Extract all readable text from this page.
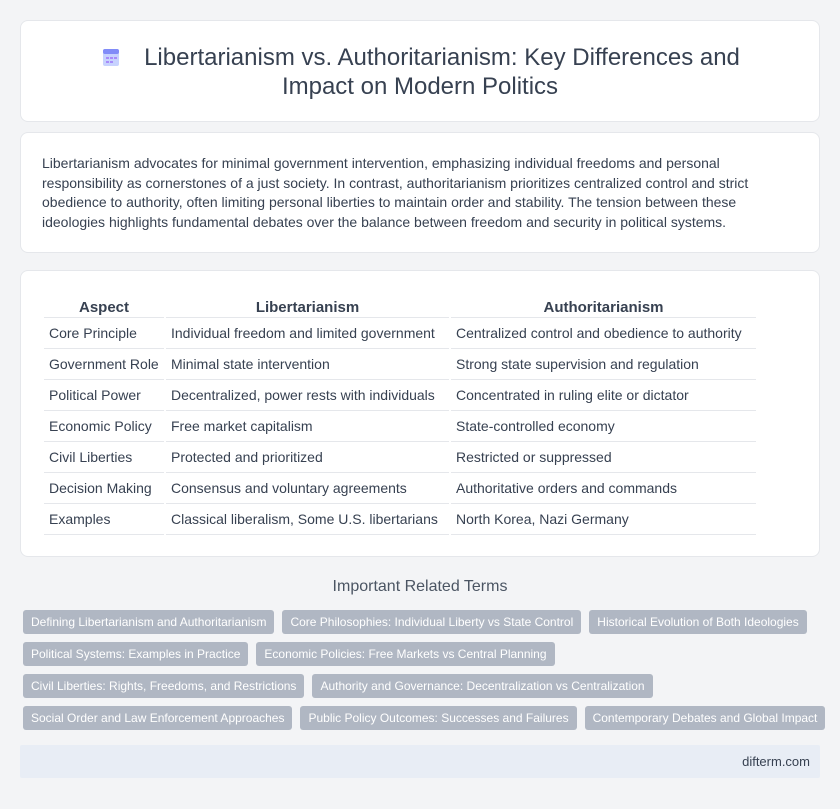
Libertarianism vs. Authoritarianism: Key Differences and Impact on Modern Politics

Libertarianism advocates for minimal government intervention, emphasizing individual freedoms and personal responsibility as cornerstones of a just society. In contrast, authoritarianism prioritizes centralized control and strict obedience to authority, often limiting personal liberties to maintain order and stability. The tension between these ideologies highlights fundamental debates over the balance between freedom and security in political systems.

Aspect	Libertarianism	Authoritarianism
Core Principle	Individual freedom and limited government	Centralized control and obedience to authority
Government Role	Minimal state intervention	Strong state supervision and regulation
Political Power	Decentralized, power rests with individuals	Concentrated in ruling elite or dictator
Economic Policy	Free market capitalism	State-controlled economy
Civil Liberties	Protected and prioritized	Restricted or suppressed
Decision Making	Consensus and voluntary agreements	Authoritative orders and commands
Examples	Classical liberalism, Some U.S. libertarians	North Korea, Nazi Germany
Important Related Terms
Defining Libertarianism and Authoritarianism	Core Philosophies: Individual Liberty vs State Control	Historical Evolution of Both Ideologies
Political Systems: Examples in Practice	Economic Policies: Free Markets vs Central Planning
Civil Liberties: Rights, Freedoms, and Restrictions	Authority and Governance: Decentralization vs Centralization
Social Order and Law Enforcement Approaches	Public Policy Outcomes: Successes and Failures	Contemporary Debates and Global Impact
difterm.com
